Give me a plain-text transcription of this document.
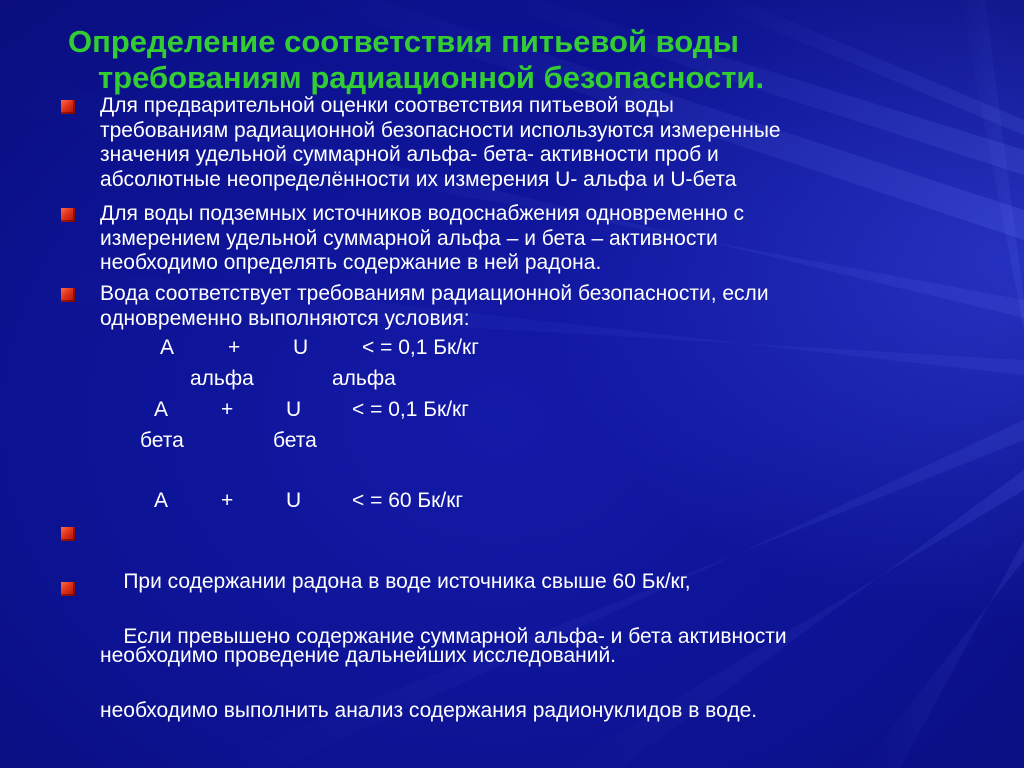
Определение соответствия питьевой воды
требованиям радиационной безопасности.
Для предварительной оценки соответствия питьевой воды
требованиям радиационной безопасности используются измеренные
значения удельной суммарной альфа- бета- активности проб и
абсолютные неопределённости их измерения U- альфа и U-бета
Для воды подземных источников водоснабжения одновременно с
измерением удельной суммарной альфа – и бета – активности
необходимо определять содержание в ней радона.
Вода соответствует требованиям радиационной безопасности, если
одновременно выполняются условия:
А	+	U	< = 0,1 Бк/кг
альфа	альфа
А	+	U < = 0,1 Бк/кг
бета	бета
А	+	U < = 60 Бк/кг

При содержании радона в воде источника свыше 60 Бк/кг,

необходимо проведение дальнейших исследований.

Если превышено содержание суммарной альфа- и бета активности

необходимо выполнить анализ содержания радионуклидов в воде.
